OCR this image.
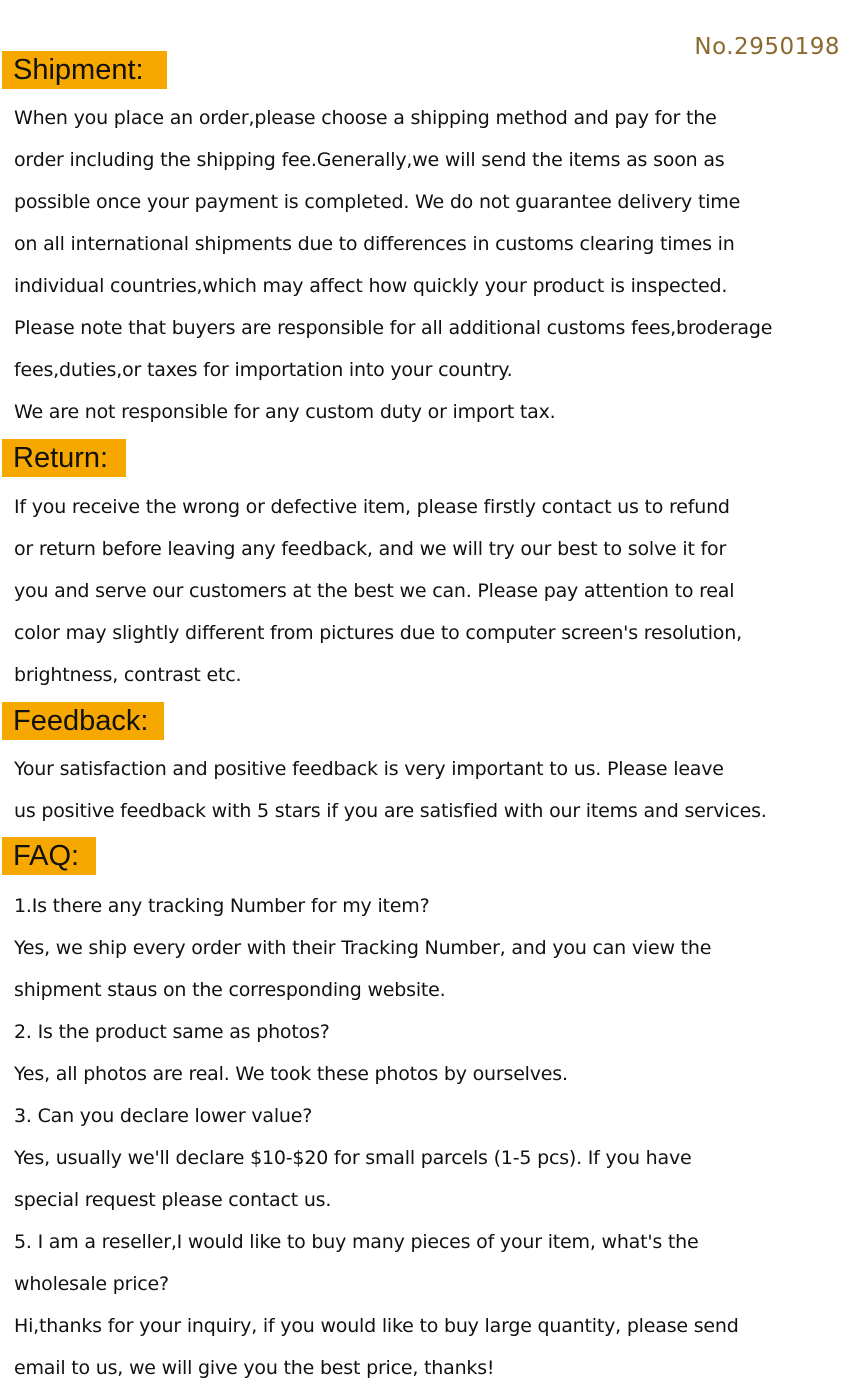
No.2950198
Shipment:
When you place an order,please choose a shipping method and pay for the
order including the shipping fee.Generally,we will send the items as soon as
possible once your payment is completed. We do not guarantee delivery time
on all international shipments due to differences in customs clearing times in
individual countries,which may affect how quickly your product is inspected.
Please note that buyers are responsible for all additional customs fees,broderage
fees,duties,or taxes for importation into your country.
We are not responsible for any custom duty or import tax.
Return:
If you receive the wrong or defective item, please firstly contact us to refund
or return before leaving any feedback, and we will try our best to solve it for
you and serve our customers at the best we can. Please pay attention to real
color may slightly different from pictures due to computer screen's resolution,
brightness, contrast etc.
Feedback:
Your satisfaction and positive feedback is very important to us. Please leave
us positive feedback with 5 stars if you are satisfied with our items and services.
FAQ:
1.Is there any tracking Number for my item?
Yes, we ship every order with their Tracking Number, and you can view the
shipment staus on the corresponding website.
2. Is the product same as photos?
Yes, all photos are real. We took these photos by ourselves.
3. Can you declare lower value?
Yes, usually we'll declare $10-$20 for small parcels (1-5 pcs). If you have
special request please contact us.
5. I am a reseller,I would like to buy many pieces of your item, what's the
wholesale price?
Hi,thanks for your inquiry, if you would like to buy large quantity, please send
email to us, we will give you the best price, thanks!
